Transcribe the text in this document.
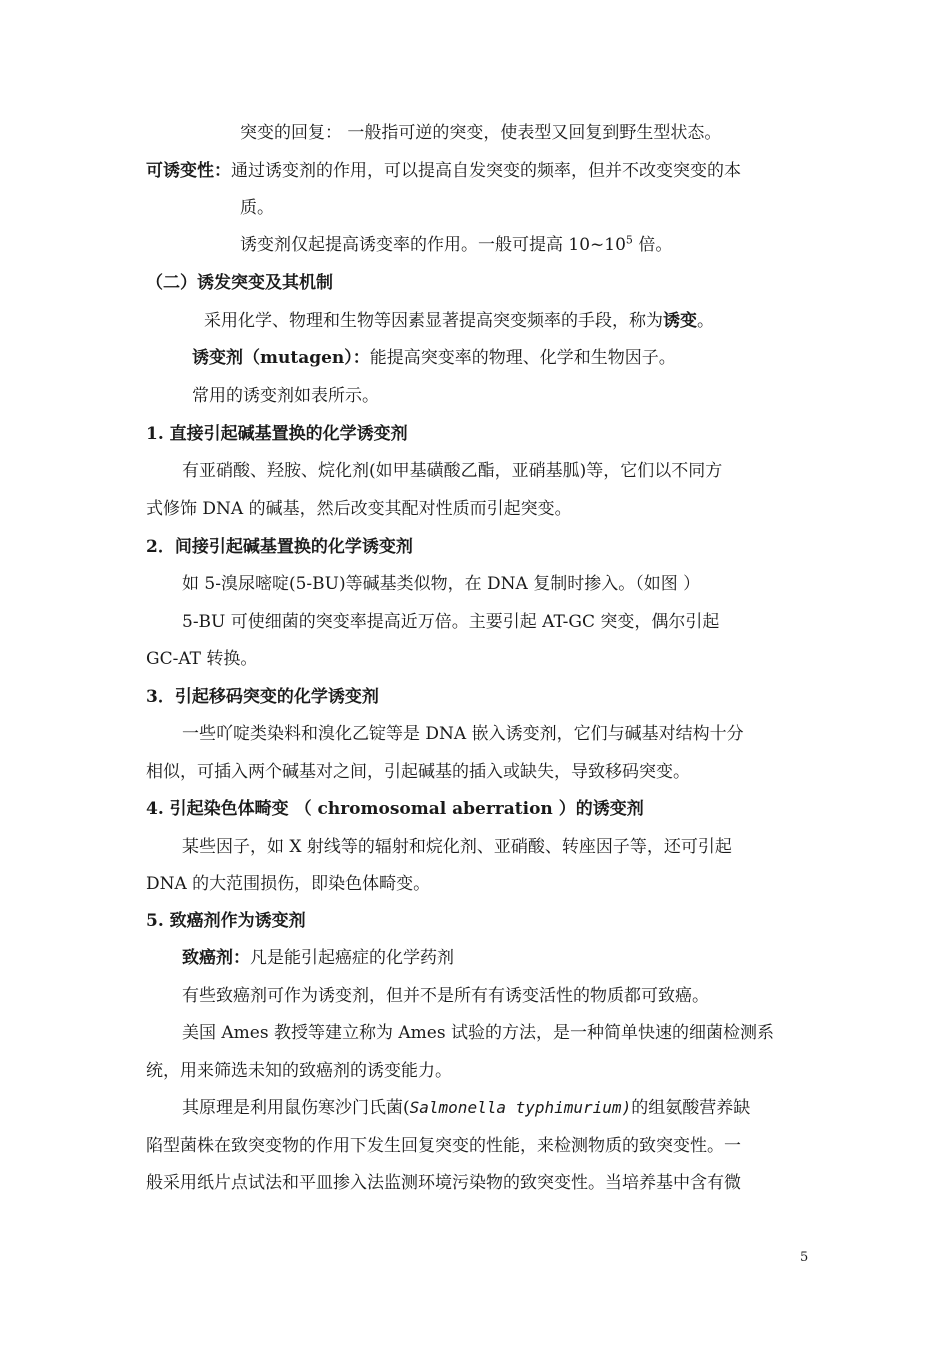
突变的回复： 一般指可逆的突变，使表型又回复到野生型状态。
可诱变性：通过诱变剂的作用，可以提高自发突变的频率，但并不改变突变的本
质。
诱变剂仅起提高诱变率的作用。一般可提高 $10\sim 10^5$ 倍。
（二）诱发突变及其机制
采用化学、物理和生物等因素显著提高突变频率的手段，称为诱变。
诱变剂（mutagen）：能提高突变率的物理、化学和生物因子。
常用的诱变剂如表所示。
1. 直接引起碱基置换的化学诱变剂
有亚硝酸、羟胺、烷化剂(如甲基磺酸乙酯，亚硝基胍)等，它们以不同方
式修饰 DNA 的碱基，然后改变其配对性质而引起突变。
2．间接引起碱基置换的化学诱变剂
如 5-溴尿嘧啶(5-BU)等碱基类似物，在 DNA 复制时掺入。（如图 ）
5-BU 可使细菌的突变率提高近万倍。主要引起 AT-GC 突变，偶尔引起
GC-AT 转换。
3．引起移码突变的化学诱变剂
一些吖啶类染料和溴化乙锭等是 DNA 嵌入诱变剂，它们与碱基对结构十分
相似，可插入两个碱基对之间，引起碱基的插入或缺失，导致移码突变。
4. 引起染色体畸变 （ chromosomal aberration ）的诱变剂
某些因子，如 X 射线等的辐射和烷化剂、亚硝酸、转座因子等，还可引起
DNA 的大范围损伤，即染色体畸变。
5. 致癌剂作为诱变剂
致癌剂：凡是能引起癌症的化学药剂
有些致癌剂可作为诱变剂，但并不是所有有诱变活性的物质都可致癌。
美国 Ames 教授等建立称为 Ames 试验的方法，是一种简单快速的细菌检测系
统，用来筛选未知的致癌剂的诱变能力。
其原理是利用鼠伤寒沙门氏菌(Salmonella typhimurium)的组氨酸营养缺
陷型菌株在致突变物的作用下发生回复突变的性能，来检测物质的致突变性。一
般采用纸片点试法和平皿掺入法监测环境污染物的致突变性。当培养基中含有微
5
